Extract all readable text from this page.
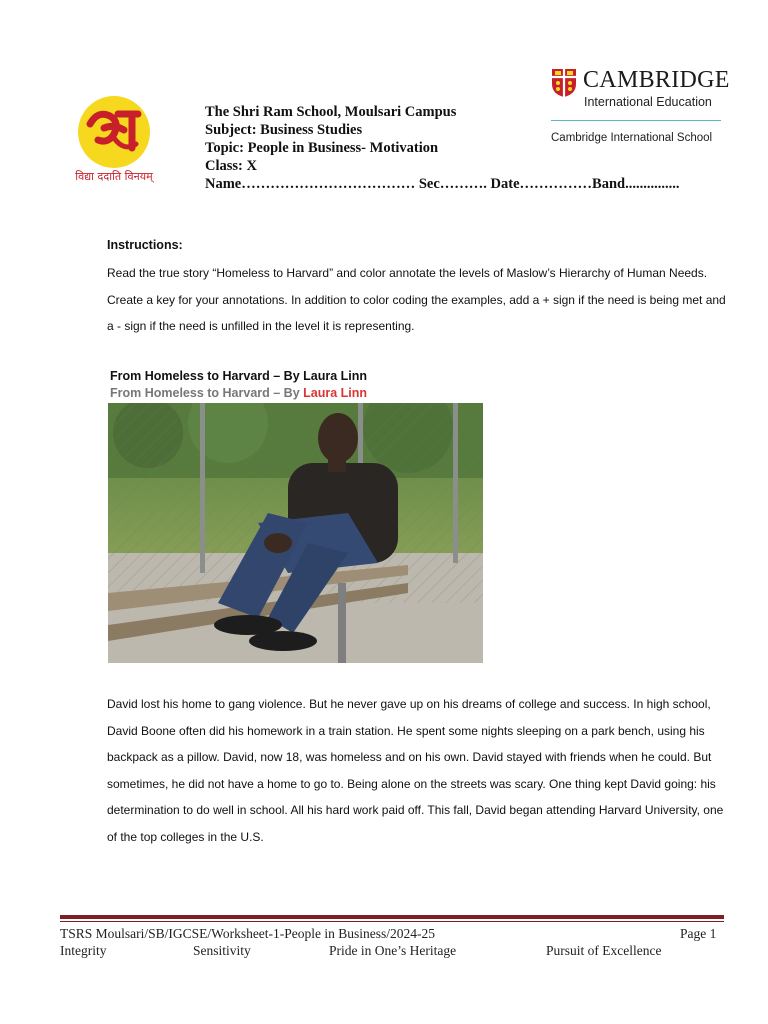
विद्या ददाति विनयम्
The Shri Ram School, Moulsari Campus
Subject: Business Studies
Topic: People in Business- Motivation
Class: X
Name……………………………… Sec………. Date……………Band...............
CAMBRIDGE
International Education
Cambridge International School
Instructions:
Read the true story “Homeless to Harvard” and color annotate the levels of Maslow’s Hierarchy of Human Needs. Create a key for your annotations. In addition to color coding the examples, add a + sign if the need is being met and a - sign if the need is unfilled in the level it is representing.
From Homeless to Harvard – By Laura Linn
From Homeless to Harvard – By Laura Linn
David lost his home to gang violence. But he never gave up on his dreams of college and success. In high school, David Boone often did his homework in a train station. He spent some nights sleeping on a park bench, using his backpack as a pillow. David, now 18, was homeless and on his own. David stayed with friends when he could. But sometimes, he did not have a home to go to. Being alone on the streets was scary. One thing kept David going: his determination to do well in school. All his hard work paid off. This fall, David began attending Harvard University, one of the top colleges in the U.S.
TSRS Moulsari/SB/IGCSE/Worksheet-1-People in Business/2024-25	Page 1
Integrity	Sensitivity	Pride in One’s Heritage	Pursuit of Excellence
